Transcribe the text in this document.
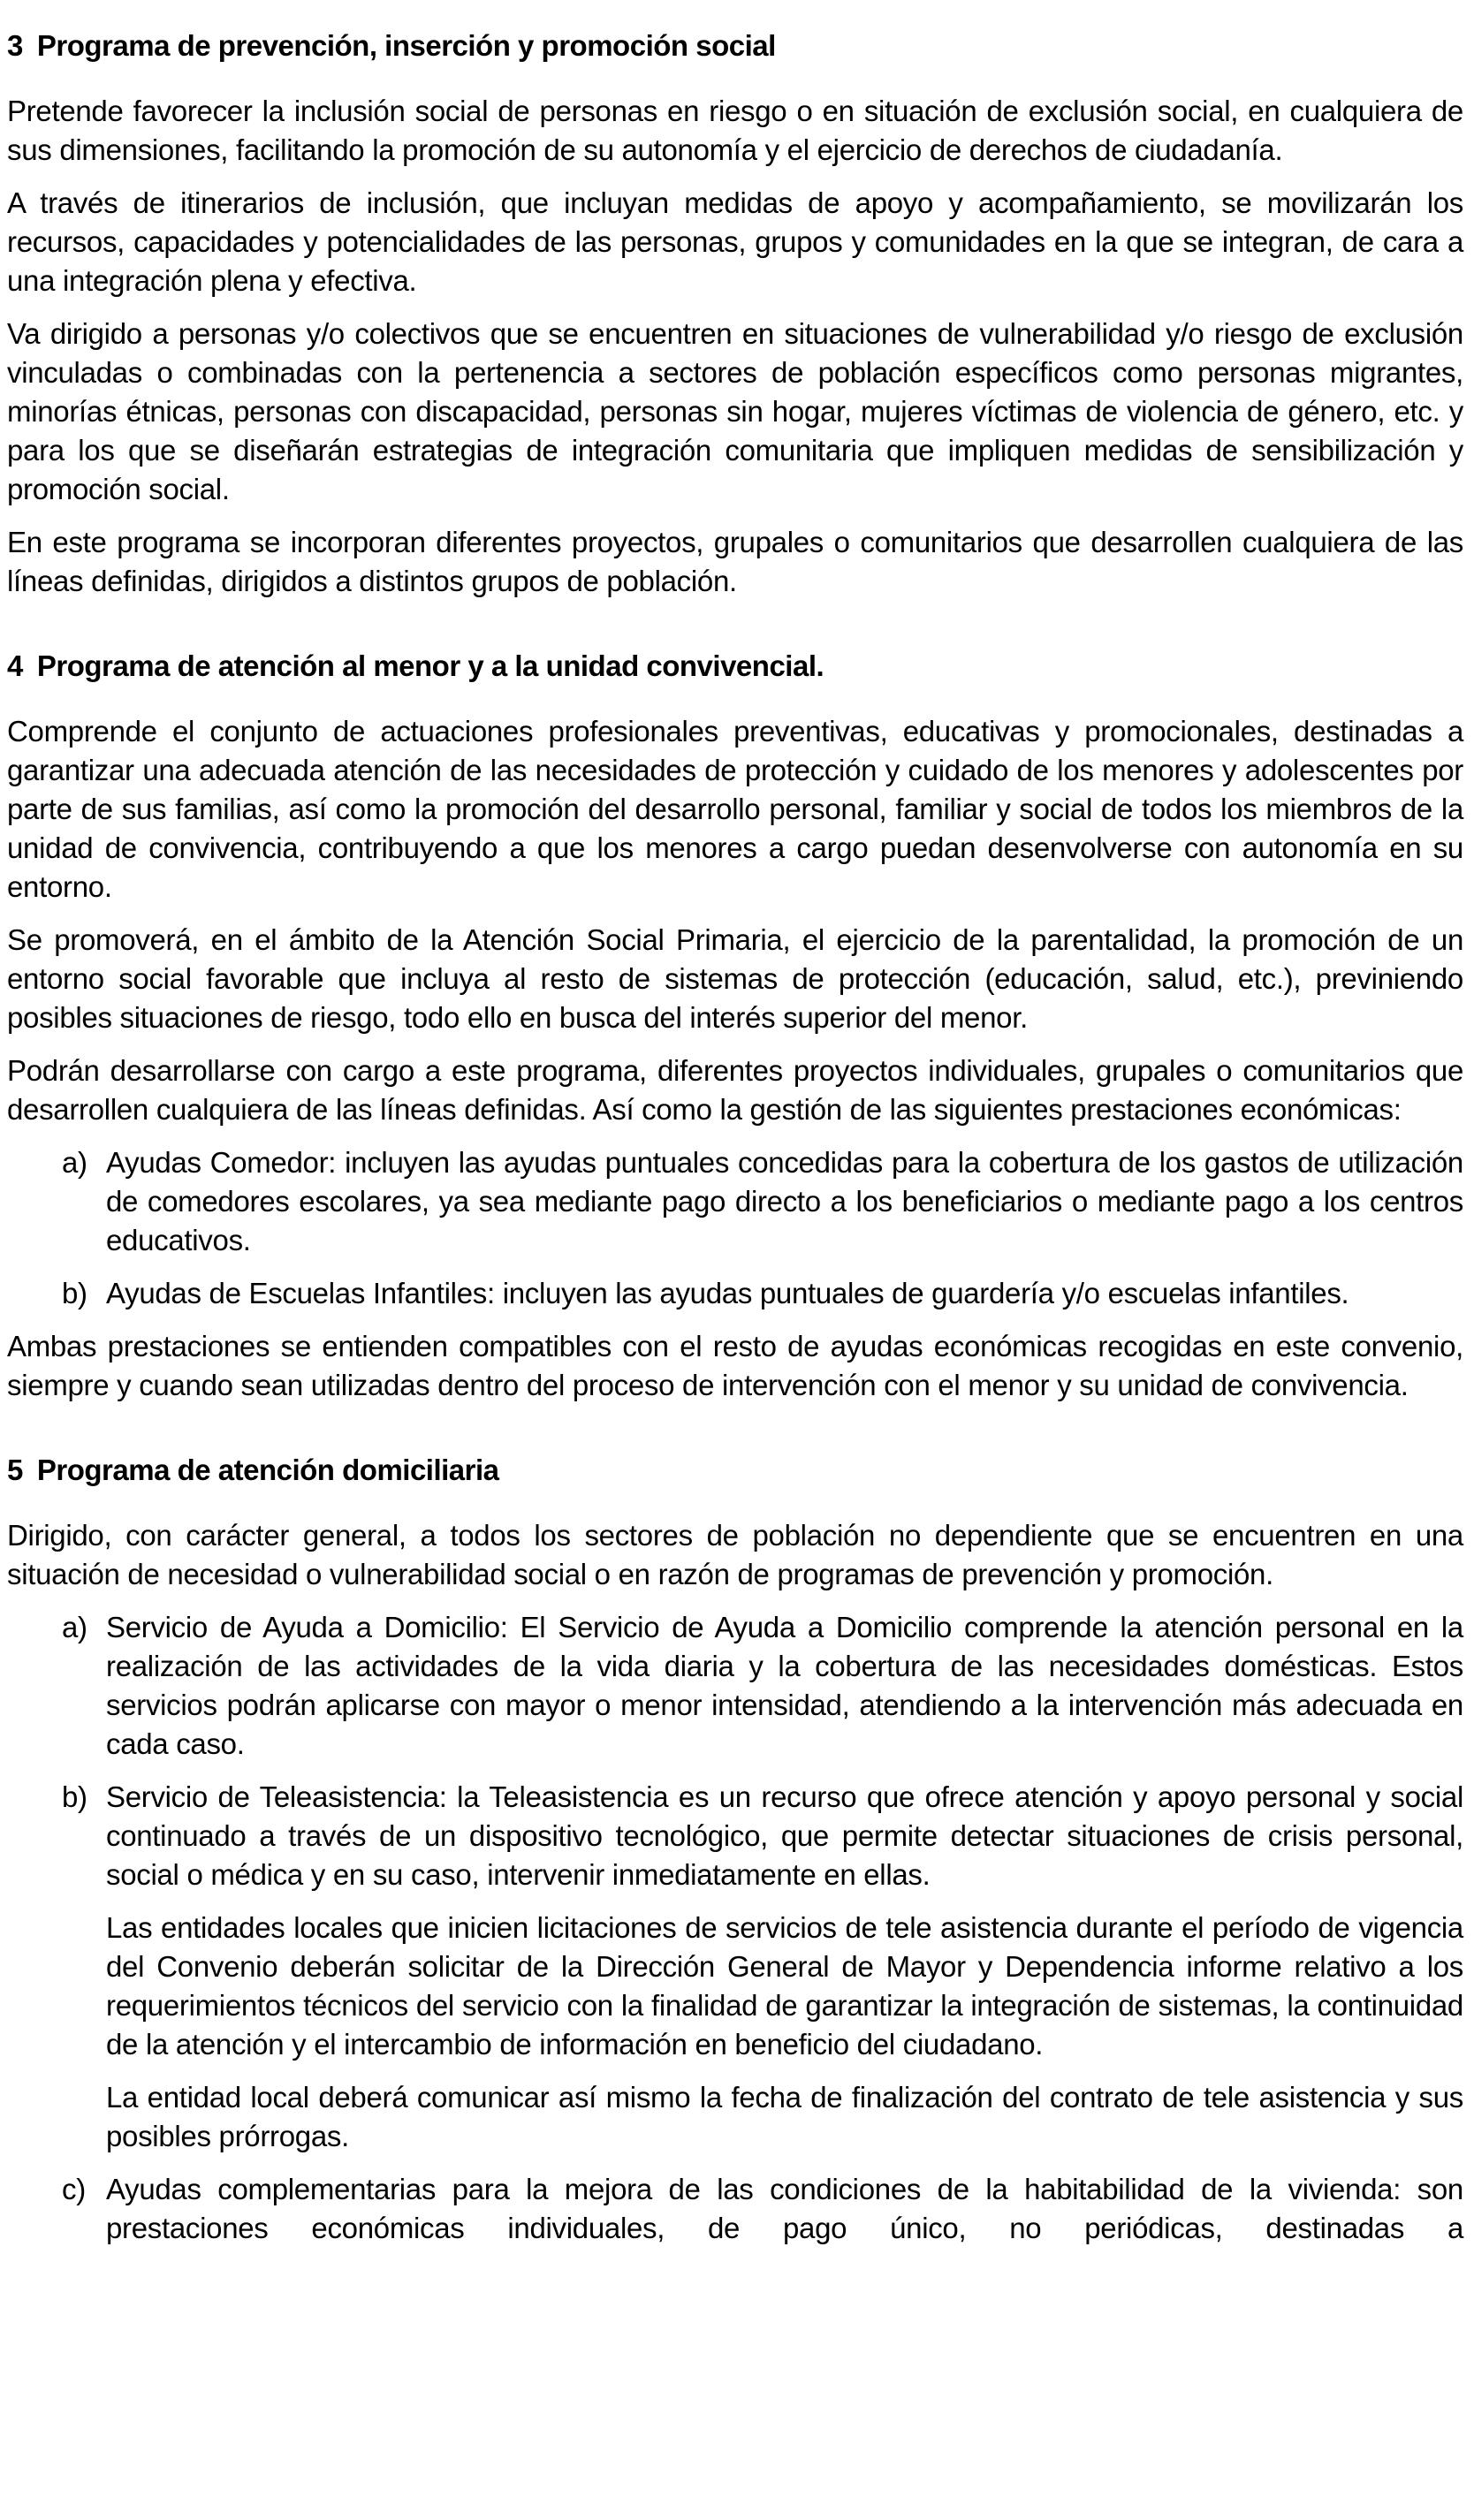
3 Programa de prevención, inserción y promoción social

Pretende favorecer la inclusión social de personas en riesgo o en situación de exclusión social, en cualquiera de sus dimensiones, facilitando la promoción de su autonomía y el ejercicio de derechos de ciudadanía.

A través de itinerarios de inclusión, que incluyan medidas de apoyo y acompañamiento, se movilizarán los recursos, capacidades y potencialidades de las personas, grupos y comunidades en la que se integran, de cara a una integración plena y efectiva.

Va dirigido a personas y/o colectivos que se encuentren en situaciones de vulnerabilidad y/o riesgo de exclusión vinculadas o combinadas con la pertenencia a sectores de población específicos como personas migrantes, minorías étnicas, personas con discapacidad, personas sin hogar, mujeres víctimas de violencia de género, etc. y para los que se diseñarán estrategias de integración comunitaria que impliquen medidas de sensibilización y promoción social.

En este programa se incorporan diferentes proyectos, grupales o comunitarios que desarrollen cualquiera de las líneas definidas, dirigidos a distintos grupos de población.

4 Programa de atención al menor y a la unidad convivencial.

Comprende el conjunto de actuaciones profesionales preventivas, educativas y promocionales, destinadas a garantizar una adecuada atención de las necesidades de protección y cuidado de los menores y adolescentes por parte de sus familias, así como la promoción del desarrollo personal, familiar y social de todos los miembros de la unidad de convivencia, contribuyendo a que los menores a cargo puedan desenvolverse con autonomía en su entorno.

Se promoverá, en el ámbito de la Atención Social Primaria, el ejercicio de la parentalidad, la promoción de un entorno social favorable que incluya al resto de sistemas de protección (educación, salud, etc.), previniendo posibles situaciones de riesgo, todo ello en busca del interés superior del menor.

Podrán desarrollarse con cargo a este programa, diferentes proyectos individuales, grupales o comunitarios que desarrollen cualquiera de las líneas definidas. Así como la gestión de las siguientes prestaciones económicas:

a) Ayudas Comedor: incluyen las ayudas puntuales concedidas para la cobertura de los gastos de utilización de comedores escolares, ya sea mediante pago directo a los beneficiarios o mediante pago a los centros educativos.

b) Ayudas de Escuelas Infantiles: incluyen las ayudas puntuales de guardería y/o escuelas infantiles.

Ambas prestaciones se entienden compatibles con el resto de ayudas económicas recogidas en este convenio, siempre y cuando sean utilizadas dentro del proceso de intervención con el menor y su unidad de convivencia.

5 Programa de atención domiciliaria

Dirigido, con carácter general, a todos los sectores de población no dependiente que se encuentren en una situación de necesidad o vulnerabilidad social o en razón de programas de prevención y promoción.

a) Servicio de Ayuda a Domicilio: El Servicio de Ayuda a Domicilio comprende la atención personal en la realización de las actividades de la vida diaria y la cobertura de las necesidades domésticas. Estos servicios podrán aplicarse con mayor o menor intensidad, atendiendo a la intervención más adecuada en cada caso.

b) Servicio de Teleasistencia: la Teleasistencia es un recurso que ofrece atención y apoyo personal y social continuado a través de un dispositivo tecnológico, que permite detectar situaciones de crisis personal, social o médica y en su caso, intervenir inmediatamente en ellas.

Las entidades locales que inicien licitaciones de servicios de tele asistencia durante el período de vigencia del Convenio deberán solicitar de la Dirección General de Mayor y Dependencia informe relativo a los requerimientos técnicos del servicio con la finalidad de garantizar la integración de sistemas, la continuidad de la atención y el intercambio de información en beneficio del ciudadano.

La entidad local deberá comunicar así mismo la fecha de finalización del contrato de tele asistencia y sus posibles prórrogas.

c) Ayudas complementarias para la mejora de las condiciones de la habitabilidad de la vivienda: son prestaciones económicas individuales, de pago único, no periódicas, destinadas a
